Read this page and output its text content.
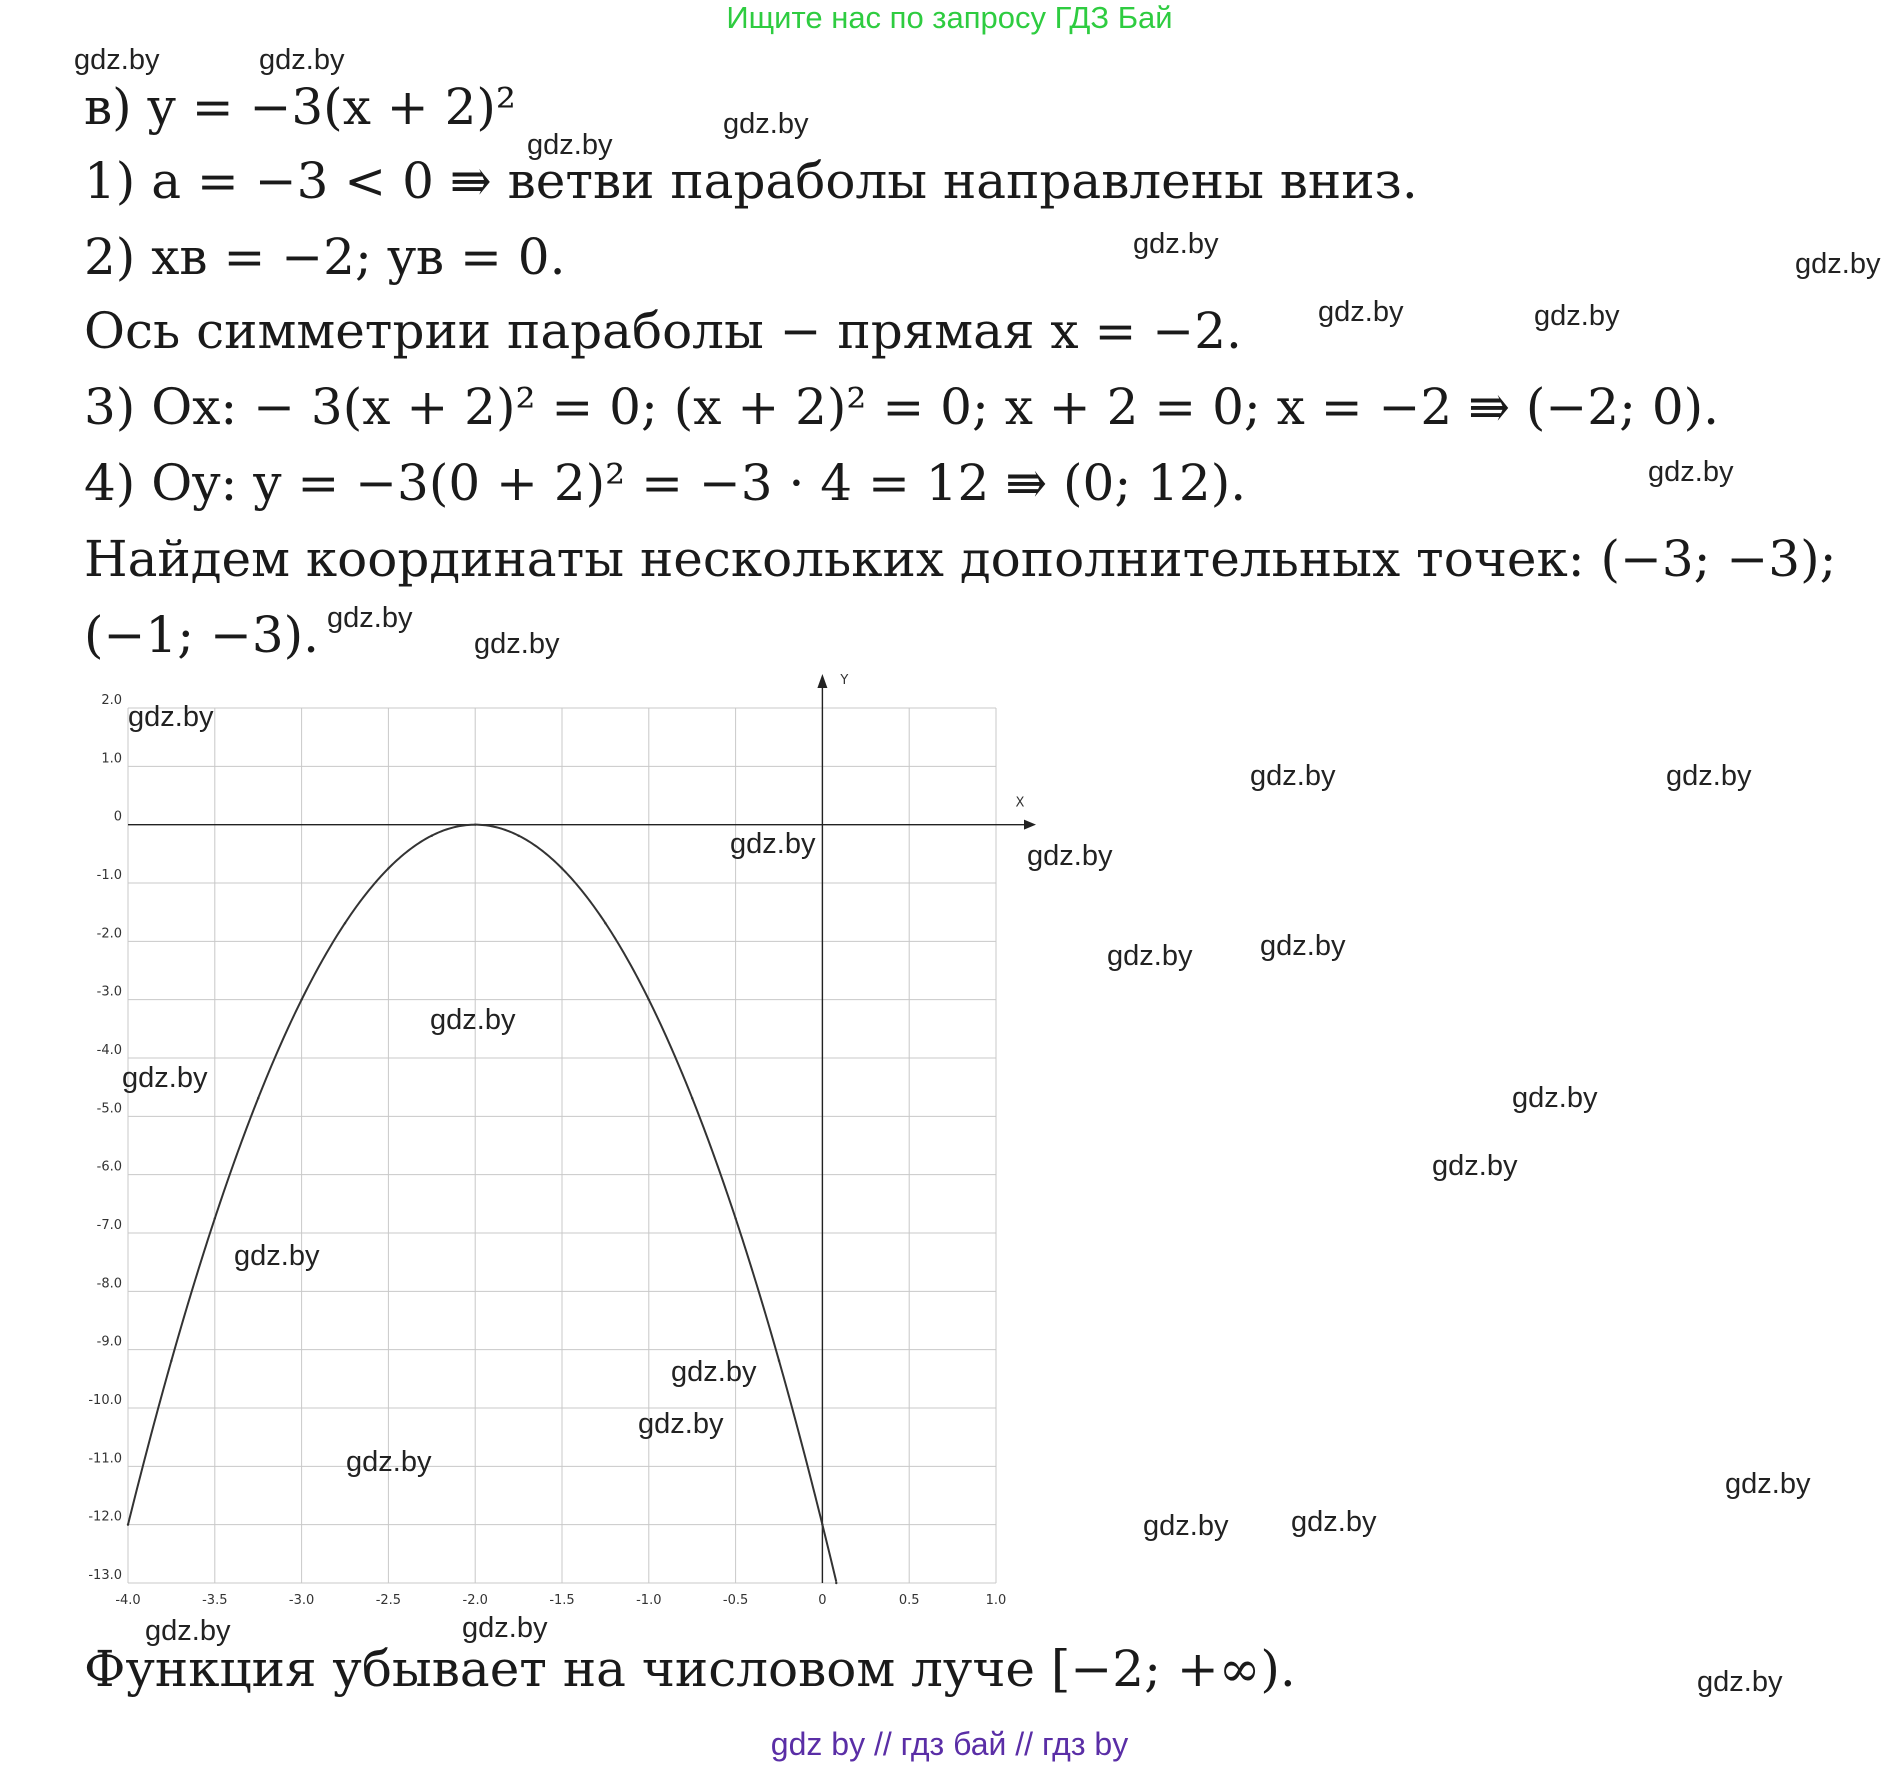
Ищите нас по запросу ГДЗ Бай
в) y = −3(x + 2)²
1) a = −3 < 0 ⇛ ветви параболы направлены вниз.
2) xв = −2; yв = 0.
Ось симметрии параболы − прямая x = −2.
3) Ox: − 3(x + 2)² = 0; (x + 2)² = 0; x + 2 = 0; x = −2 ⇛ (−2; 0).
4) Oy: y = −3(0 + 2)² = −3 · 4 = 12 ⇛ (0; 12).
Найдем координаты нескольких дополнительных точек: (−3; −3);
(−1; −3).
X
Y
-4.0	-3.5	-3.0	-2.5	-2.0	-1.5	-1.0	-0.5	0	0.5	1.0
2.0
1.0
0
-1.0
-2.0
-3.0
-4.0
-5.0
-6.0
-7.0
-8.0
-9.0
-10.0
-11.0
-12.0
-13.0
Функция убывает на числовом луче [−2; +∞).
gdz.by	gdz.by
gdz.by
gdz.by
gdz.by
gdz.by
gdz.by	gdz.by
gdz.by
gdz.by
gdz.by
gdz.by
gdz.by	gdz.by
gdz.by	gdz.by
gdz.by gdz.by
gdz.by
gdz.by
gdz.by
gdz.by
gdz.by
gdz.by
gdz.by
gdz.by
gdz.by
gdz.by gdz.by
gdz.by	gdz.by
gdz.by
gdz by // гдз бай // гдз by
